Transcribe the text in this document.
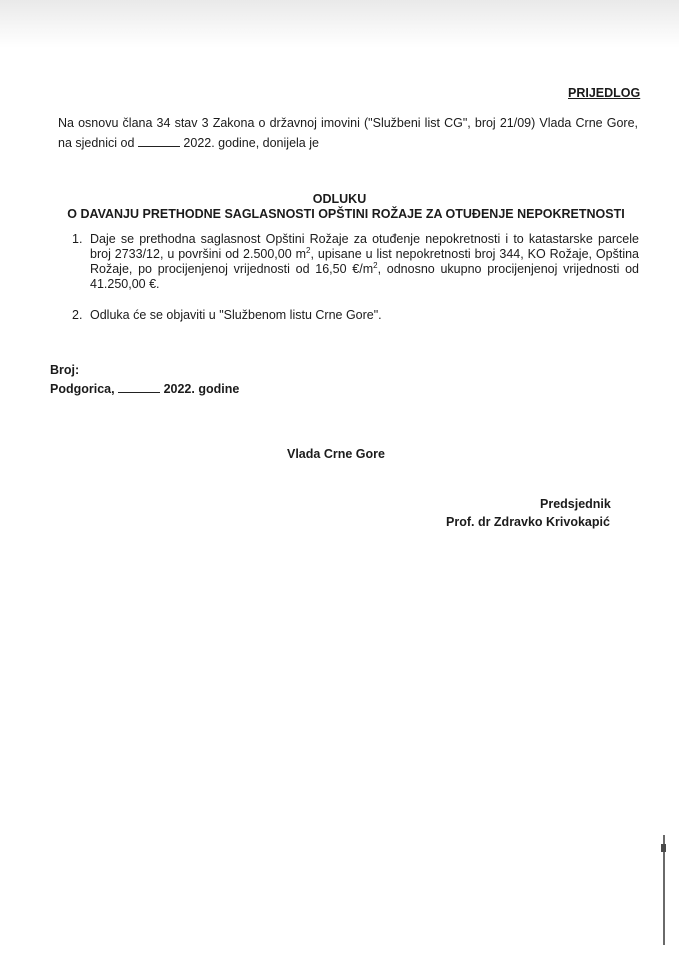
PRIJEDLOG
Na osnovu člana 34 stav 3 Zakona o državnoj imovini ("Službeni list CG", broj 21/09) Vlada Crne Gore, na sjednici od	2022. godine, donijela je
ODLUKU
O DAVANJU PRETHODNE SAGLASNOSTI OPŠTINI ROŽAJE ZA OTUĐENJE NEPOKRETNOSTI
1. Daje se prethodna saglasnost Opštini Rožaje za otuđenje nepokretnosti i to katastarske parcele broj 2733/12, u površini od 2.500,00 $m^2$, upisane u list nepokretnosti broj 344, KO Rožaje, Opština Rožaje, po procijenjenoj vrijednosti od 16,50 $€/m^2$, odnosno ukupno procijenjenoj vrijednosti od 41.250,00 €.
2. Odluka će se objaviti u "Službenom listu Crne Gore".
Broj:
Podgorica,	2022. godine
Vlada Crne Gore
Predsjednik
Prof. dr Zdravko Krivokapić
